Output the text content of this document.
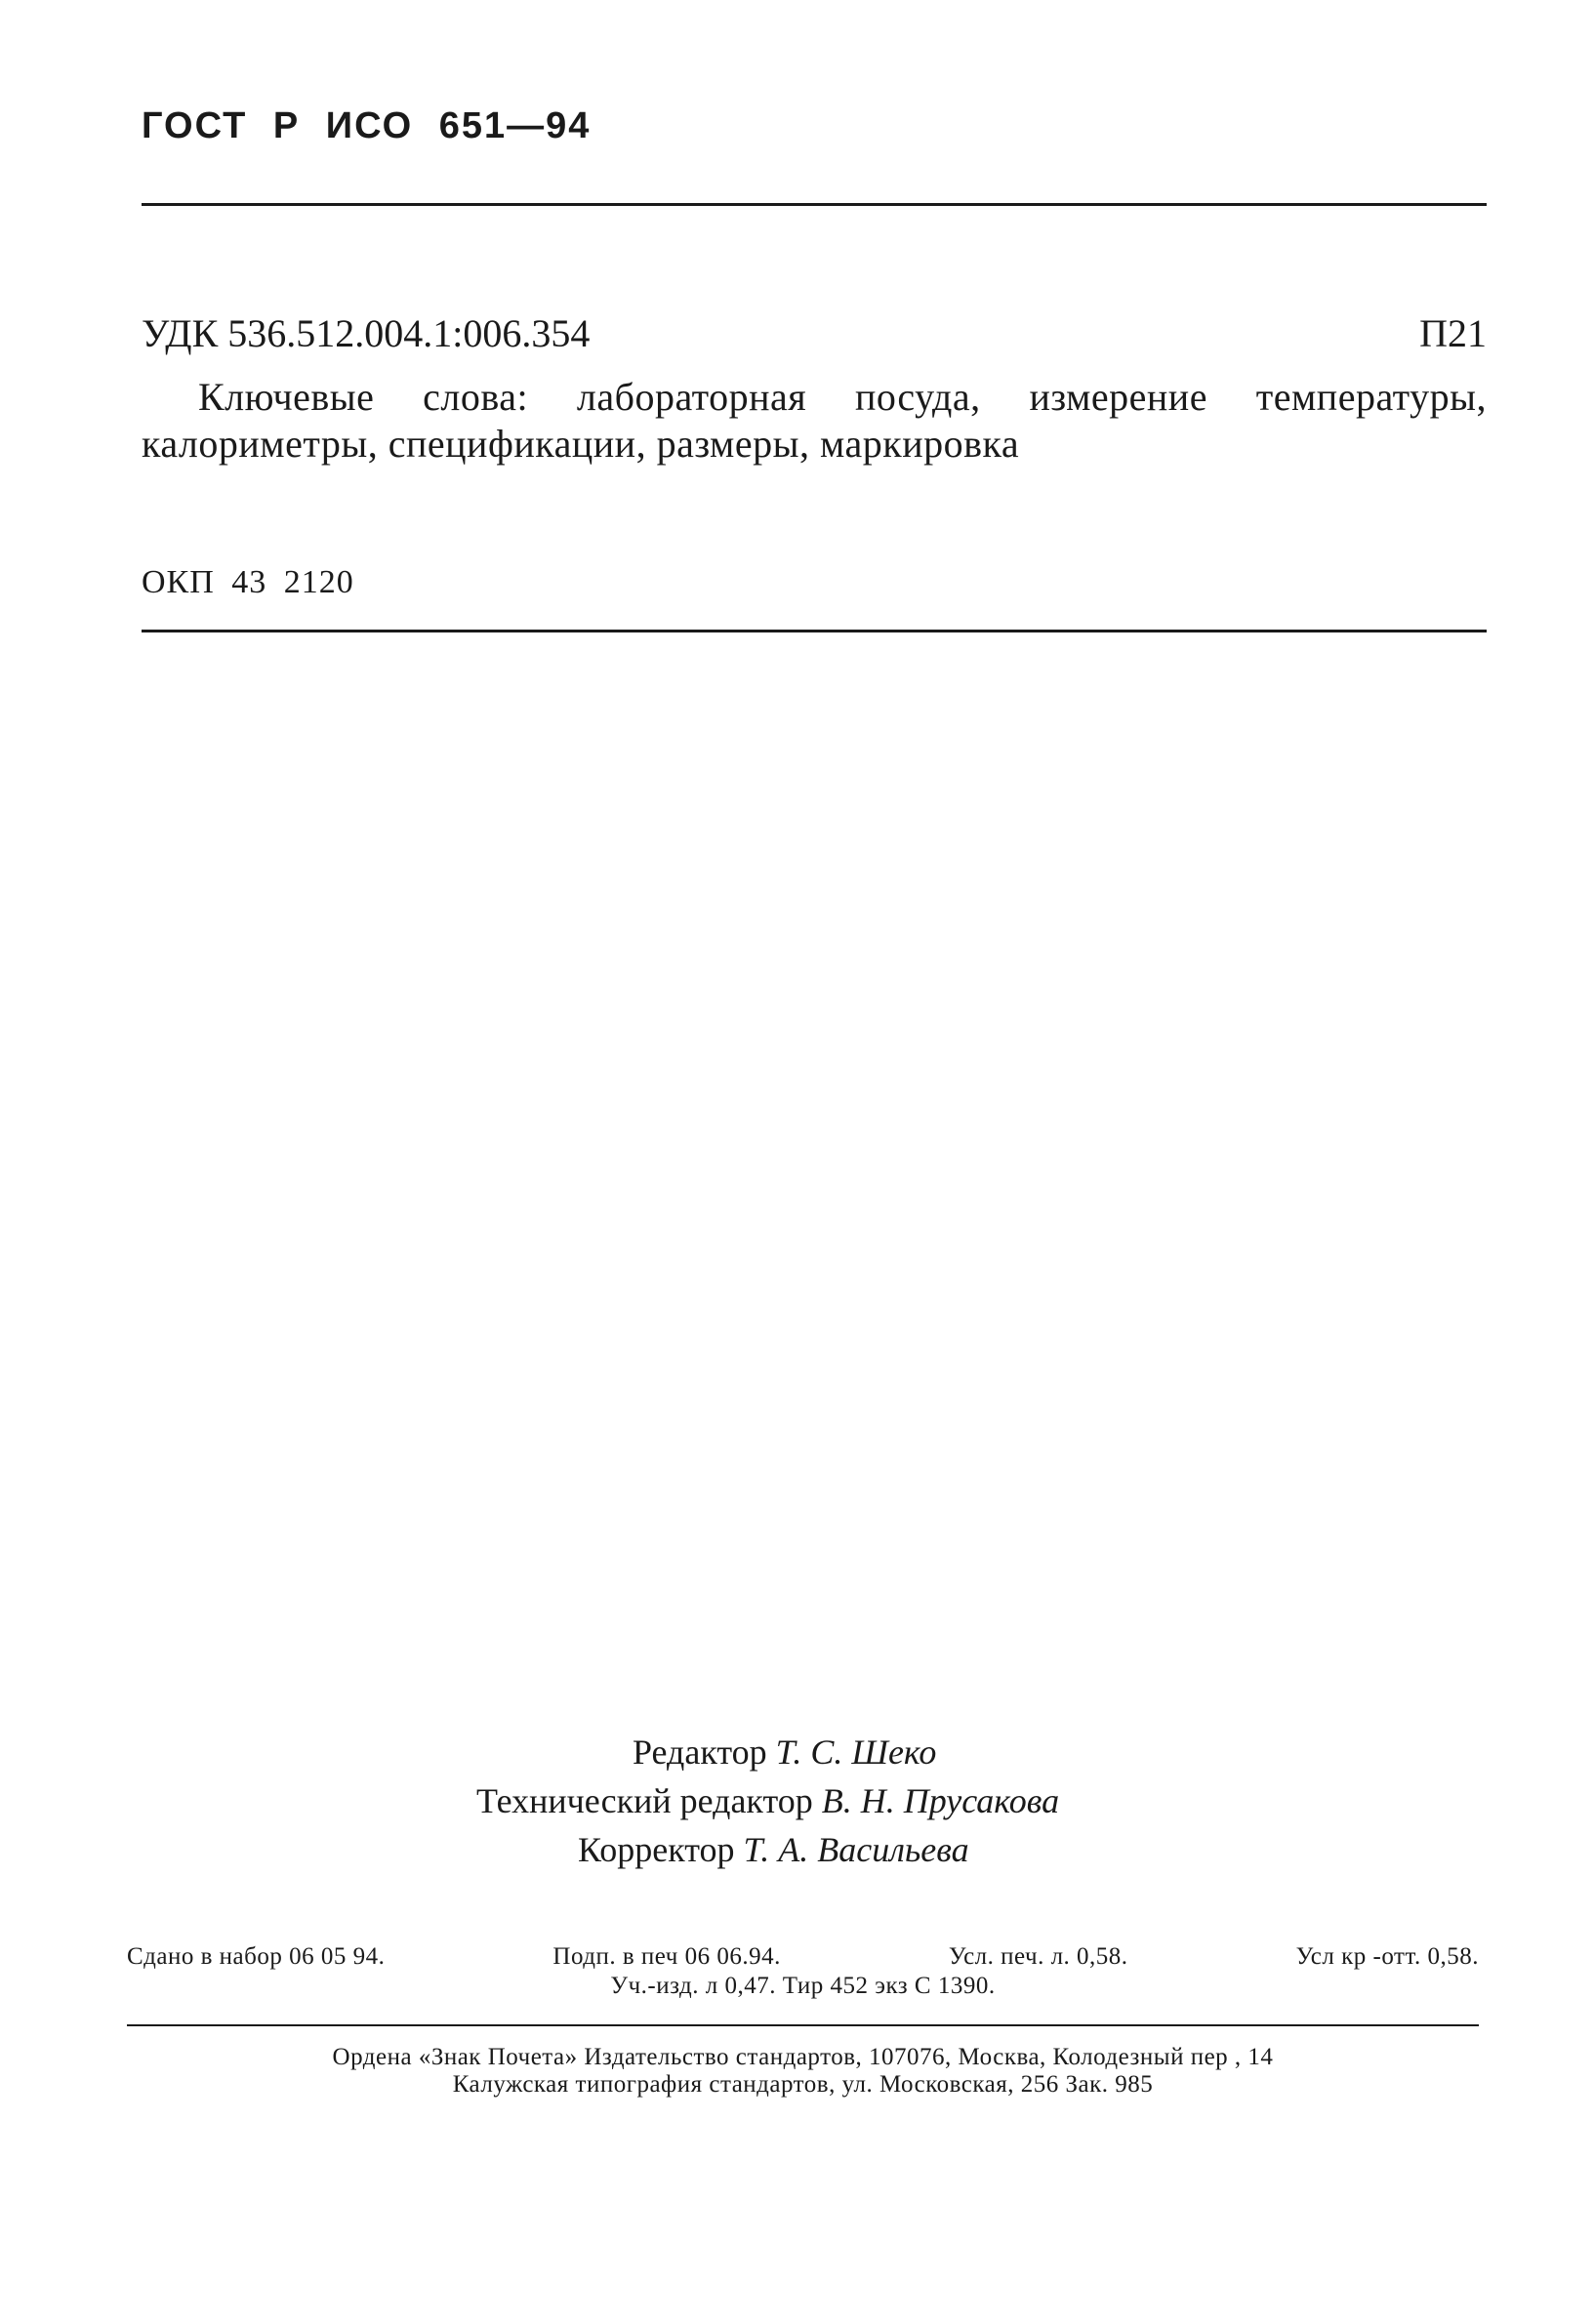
ГОСТ Р ИСО 651—94
УДК 536.512.004.1:006.354	П21
Ключевые слова: лабораторная посуда, измерение температуры, калориметры, спецификации, размеры, маркировка
ОКП 43 2120
Редактор Т. С. Шеко
Технический редактор В. Н. Прусакова
Корректор Т. А. Васильева
Сдано в набор 06 05 94.	Подп. в печ 06 06.94.	Усл. печ. л. 0,58.	Усл кр -отт. 0,58.
Уч.-изд. л 0,47. Тир 452 экз С 1390.
Ордена «Знак Почета» Издательство стандартов, 107076, Москва, Колодезный пер , 14
Калужская типография стандартов, ул. Московская, 256 Зак. 985
